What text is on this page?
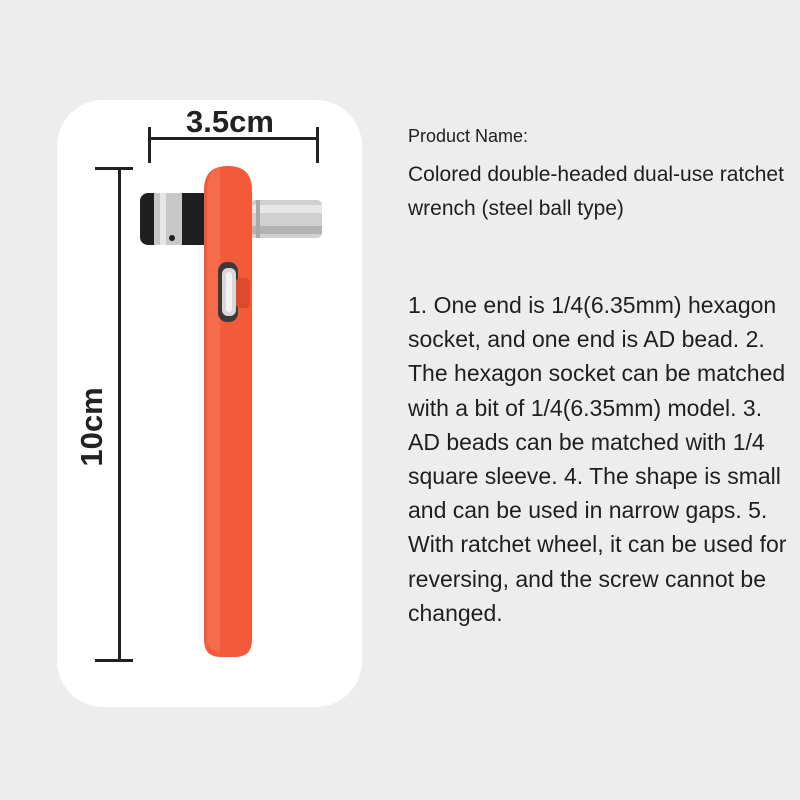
3.5cm
10cm
Product Name:
Colored double-headed dual-use ratchet wrench (steel ball type)
1. One end is 1/4(6.35mm) hexagon socket, and one end is AD bead. 2. The hexagon socket can be matched with a bit of 1/4(6.35mm) model. 3. AD beads can be matched with 1/4 square sleeve. 4. The shape is small and can be used in narrow gaps. 5. With ratchet wheel, it can be used for reversing, and the screw cannot be changed.
